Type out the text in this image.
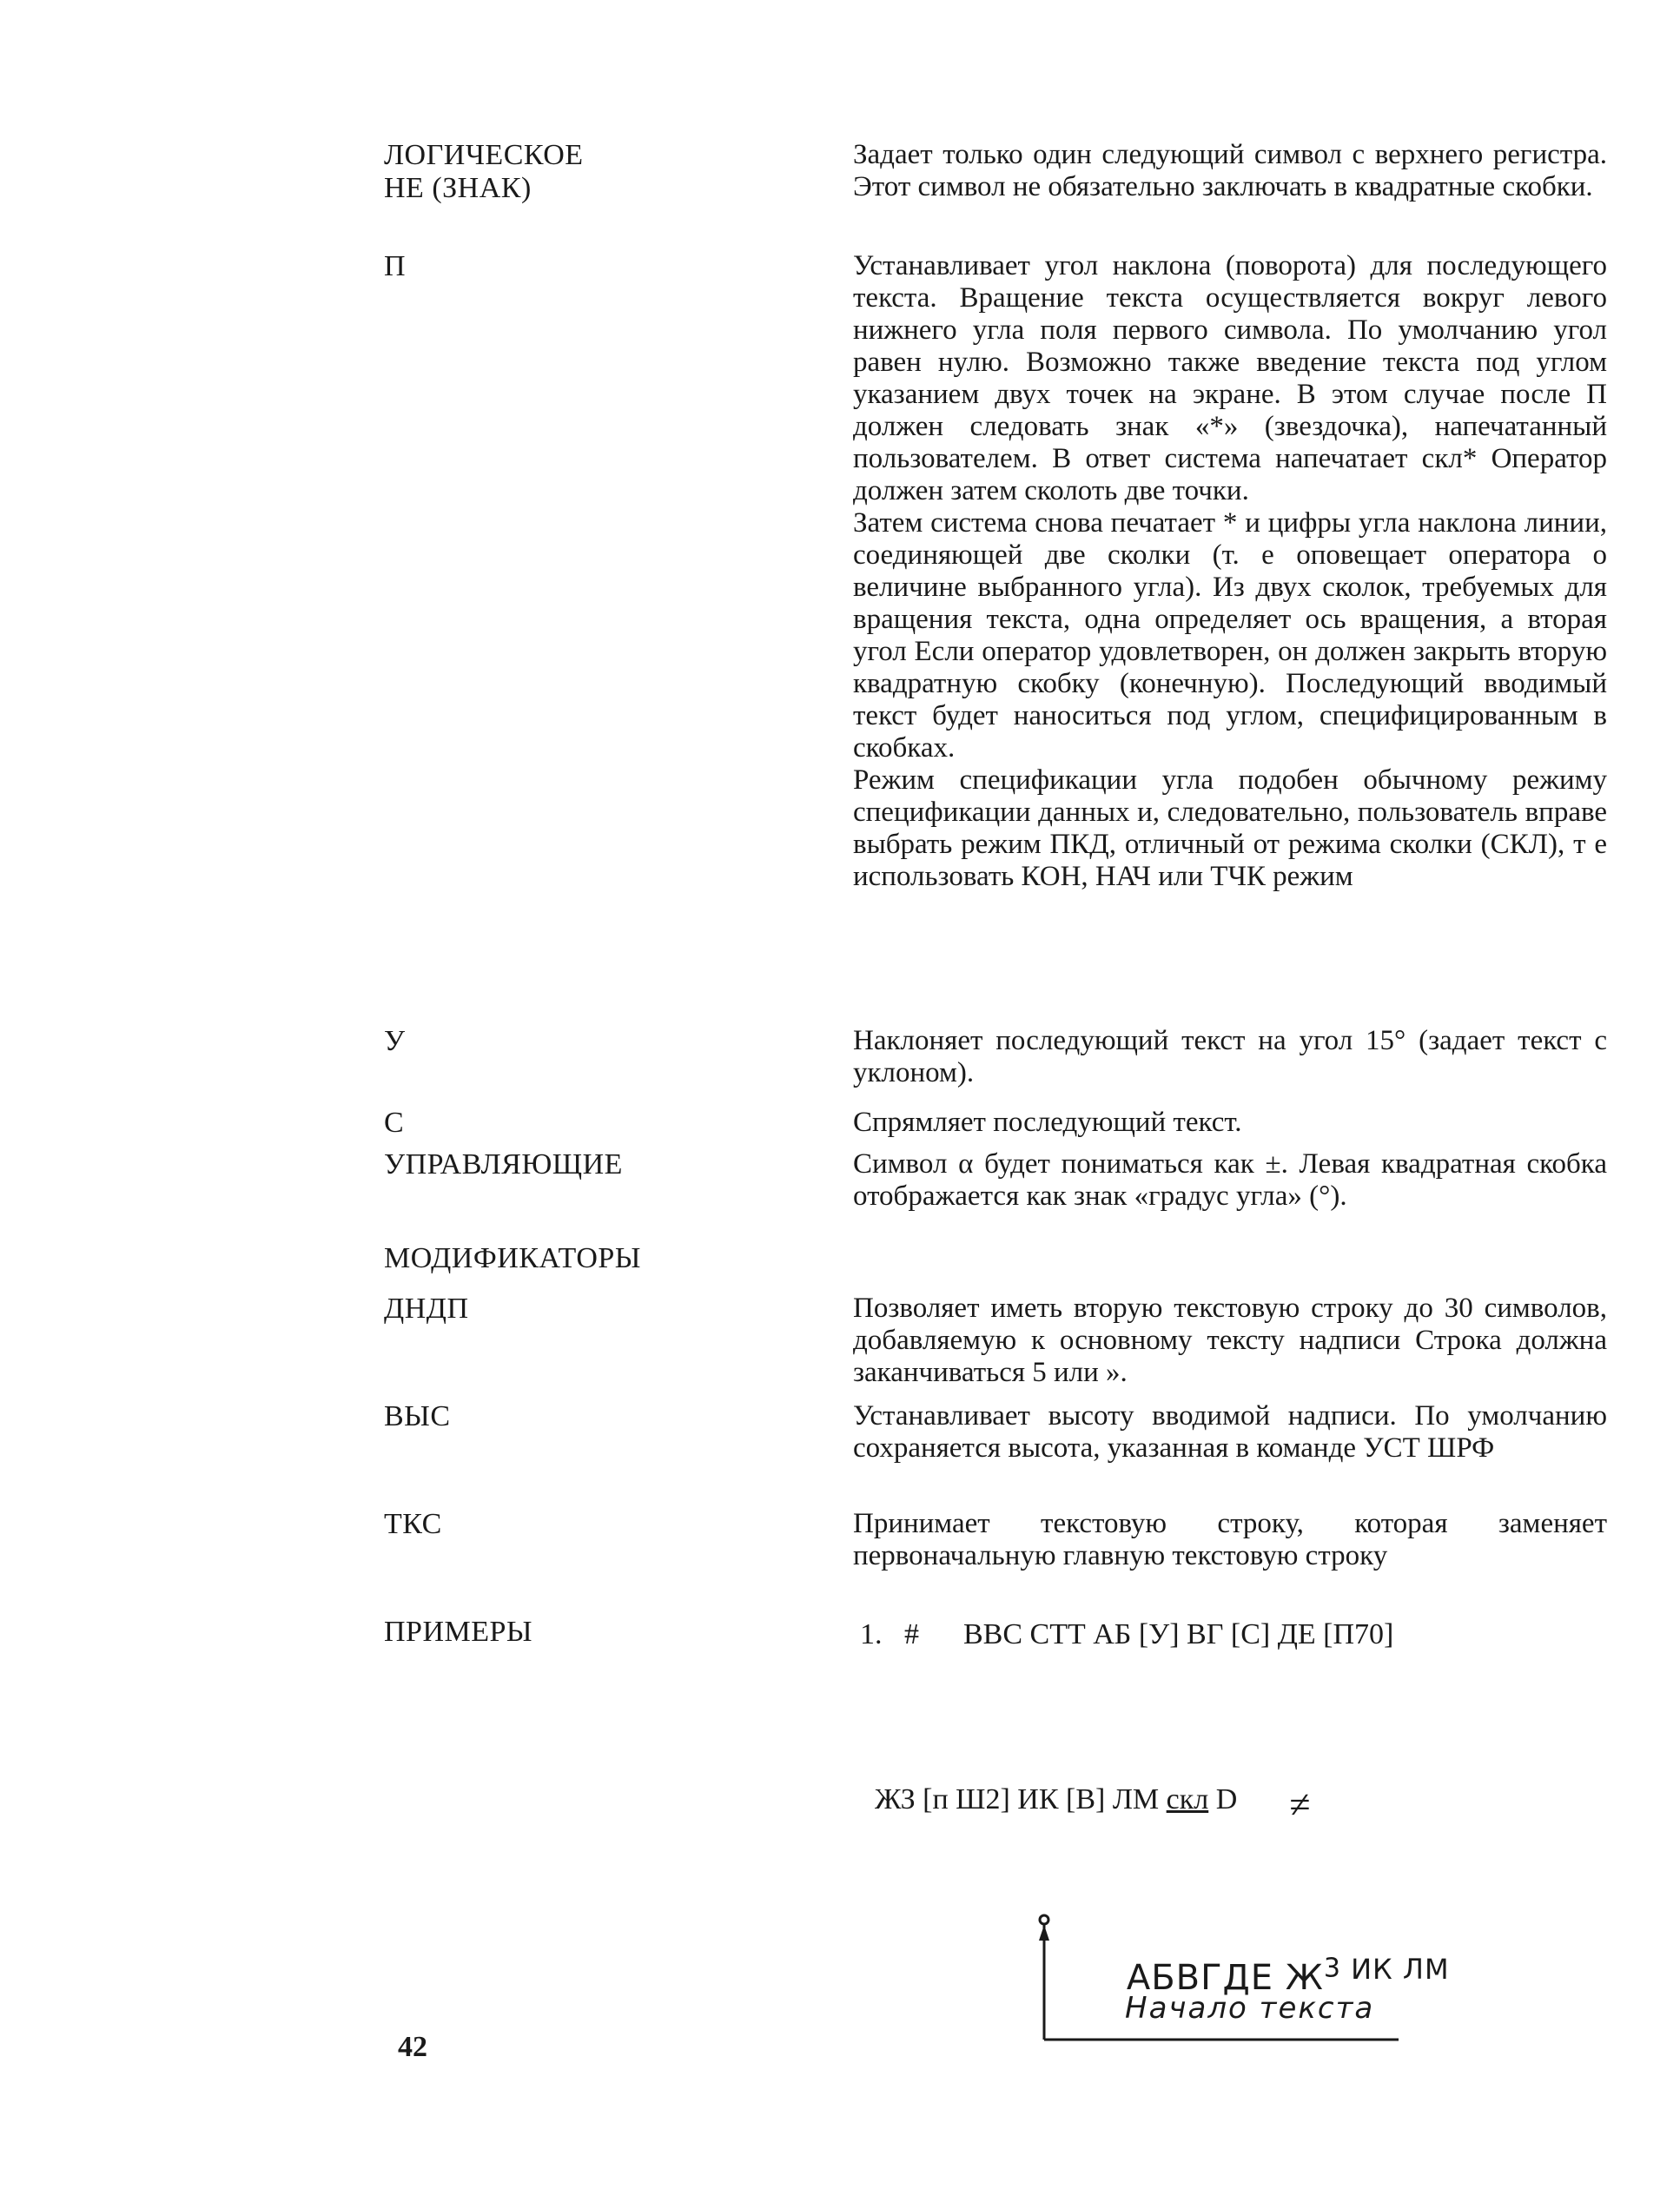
ЛОГИЧЕСКОЕ
НЕ (ЗНАК)
П
У
С
УПРАВЛЯЮЩИЕ
МОДИФИКАТОРЫ
ДНДП
ВЫС
ТКС
ПРИМЕРЫ

Задает только один следующий символ с верхнего регистра. Этот символ не обязательно заключать в квадратные скобки.

Устанавливает угол наклона (поворота) для последующего текста. Вращение текста осуществляется вокруг левого нижнего угла поля первого символа. По умолчанию угол равен нулю. Возможно также введение текста под углом указанием двух точек на экране. В этом случае после П должен следовать знак «*» (звездочка), напечатанный пользователем. В ответ система напечатает скл* Оператор должен затем сколоть две точки.

Затем система снова печатает * и цифры угла наклона линии, соединяющей две сколки (т. е оповещает оператора о величине выбранного угла). Из двух сколок, требуемых для вращения текста, одна определяет ось вращения, а вторая угол Если оператор удовлетворен, он должен закрыть вторую квадратную скобку (конечную). Последующий вводимый текст будет наноситься под углом, специфицированным в скобках.

Режим спецификации угла подобен обычному режиму спецификации данных и, следовательно, пользователь вправе выбрать режим ПКД, отличный от режима сколки (СКЛ), т е использовать КОН, НАЧ или ТЧК режим

Наклоняет последующий текст на угол 15° (задает текст с уклоном).

Спрямляет последующий текст.

Символ α будет пониматься как ±. Левая квадратная скобка отображается как знак «градус угла» (°).

Позволяет иметь вторую текстовую строку до 30 символов, добавляемую к основному тексту надписи Строка должна заканчиваться 5 или ».

Устанавливает высоту вводимой надписи. По умолчанию сохраняется высота, указанная в команде УСТ ШРФ

Принимает текстовую строку, которая заменяет первоначальную главную текстовую строку

1.   #      ВВС СТТ АБ [У] ВГ [С] ДЕ [П70]

ЖЗ [п Ш2] ИК [В] ЛМ скл D ≠

АБВГДЕ $Ж^3$ $^{ИК ЛМ}$

Начало текста
42
